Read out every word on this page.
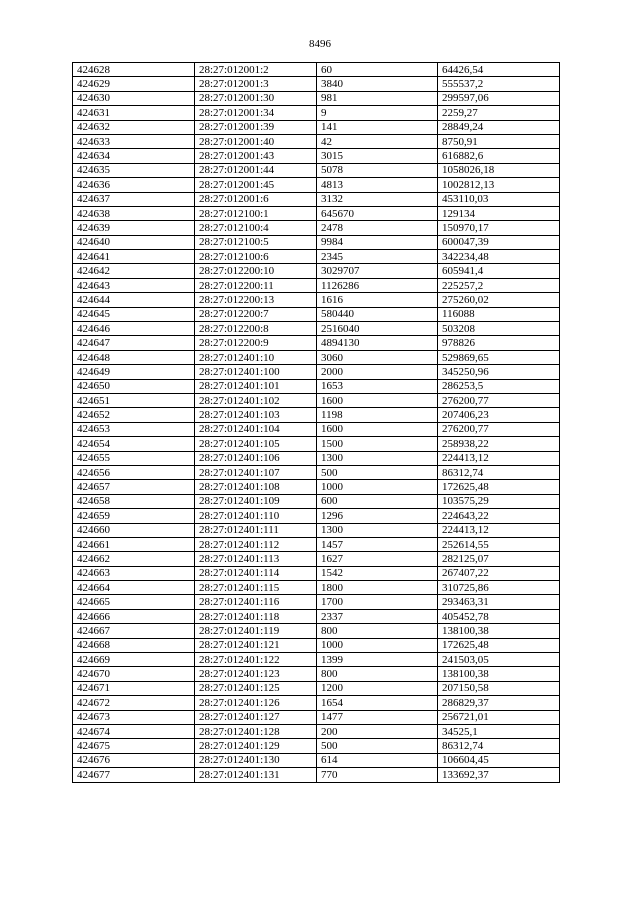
8496
424628	28:27:012001:2	60	64426,54
424629	28:27:012001:3	3840	555537,2
424630	28:27:012001:30	981	299597,06
424631	28:27:012001:34	9	2259,27
424632	28:27:012001:39	141	28849,24
424633	28:27:012001:40	42	8750,91
424634	28:27:012001:43	3015	616882,6
424635	28:27:012001:44	5078	1058026,18
424636	28:27:012001:45	4813	1002812,13
424637	28:27:012001:6	3132	453110,03
424638	28:27:012100:1	645670	129134
424639	28:27:012100:4	2478	150970,17
424640	28:27:012100:5	9984	600047,39
424641	28:27:012100:6	2345	342234,48
424642	28:27:012200:10	3029707	605941,4
424643	28:27:012200:11	1126286	225257,2
424644	28:27:012200:13	1616	275260,02
424645	28:27:012200:7	580440	116088
424646	28:27:012200:8	2516040	503208
424647	28:27:012200:9	4894130	978826
424648	28:27:012401:10	3060	529869,65
424649	28:27:012401:100	2000	345250,96
424650	28:27:012401:101	1653	286253,5
424651	28:27:012401:102	1600	276200,77
424652	28:27:012401:103	1198	207406,23
424653	28:27:012401:104	1600	276200,77
424654	28:27:012401:105	1500	258938,22
424655	28:27:012401:106	1300	224413,12
424656	28:27:012401:107	500	86312,74
424657	28:27:012401:108	1000	172625,48
424658	28:27:012401:109	600	103575,29
424659	28:27:012401:110	1296	224643,22
424660	28:27:012401:111	1300	224413,12
424661	28:27:012401:112	1457	252614,55
424662	28:27:012401:113	1627	282125,07
424663	28:27:012401:114	1542	267407,22
424664	28:27:012401:115	1800	310725,86
424665	28:27:012401:116	1700	293463,31
424666	28:27:012401:118	2337	405452,78
424667	28:27:012401:119	800	138100,38
424668	28:27:012401:121	1000	172625,48
424669	28:27:012401:122	1399	241503,05
424670	28:27:012401:123	800	138100,38
424671	28:27:012401:125	1200	207150,58
424672	28:27:012401:126	1654	286829,37
424673	28:27:012401:127	1477	256721,01
424674	28:27:012401:128	200	34525,1
424675	28:27:012401:129	500	86312,74
424676	28:27:012401:130	614	106604,45
424677	28:27:012401:131	770	133692,37
